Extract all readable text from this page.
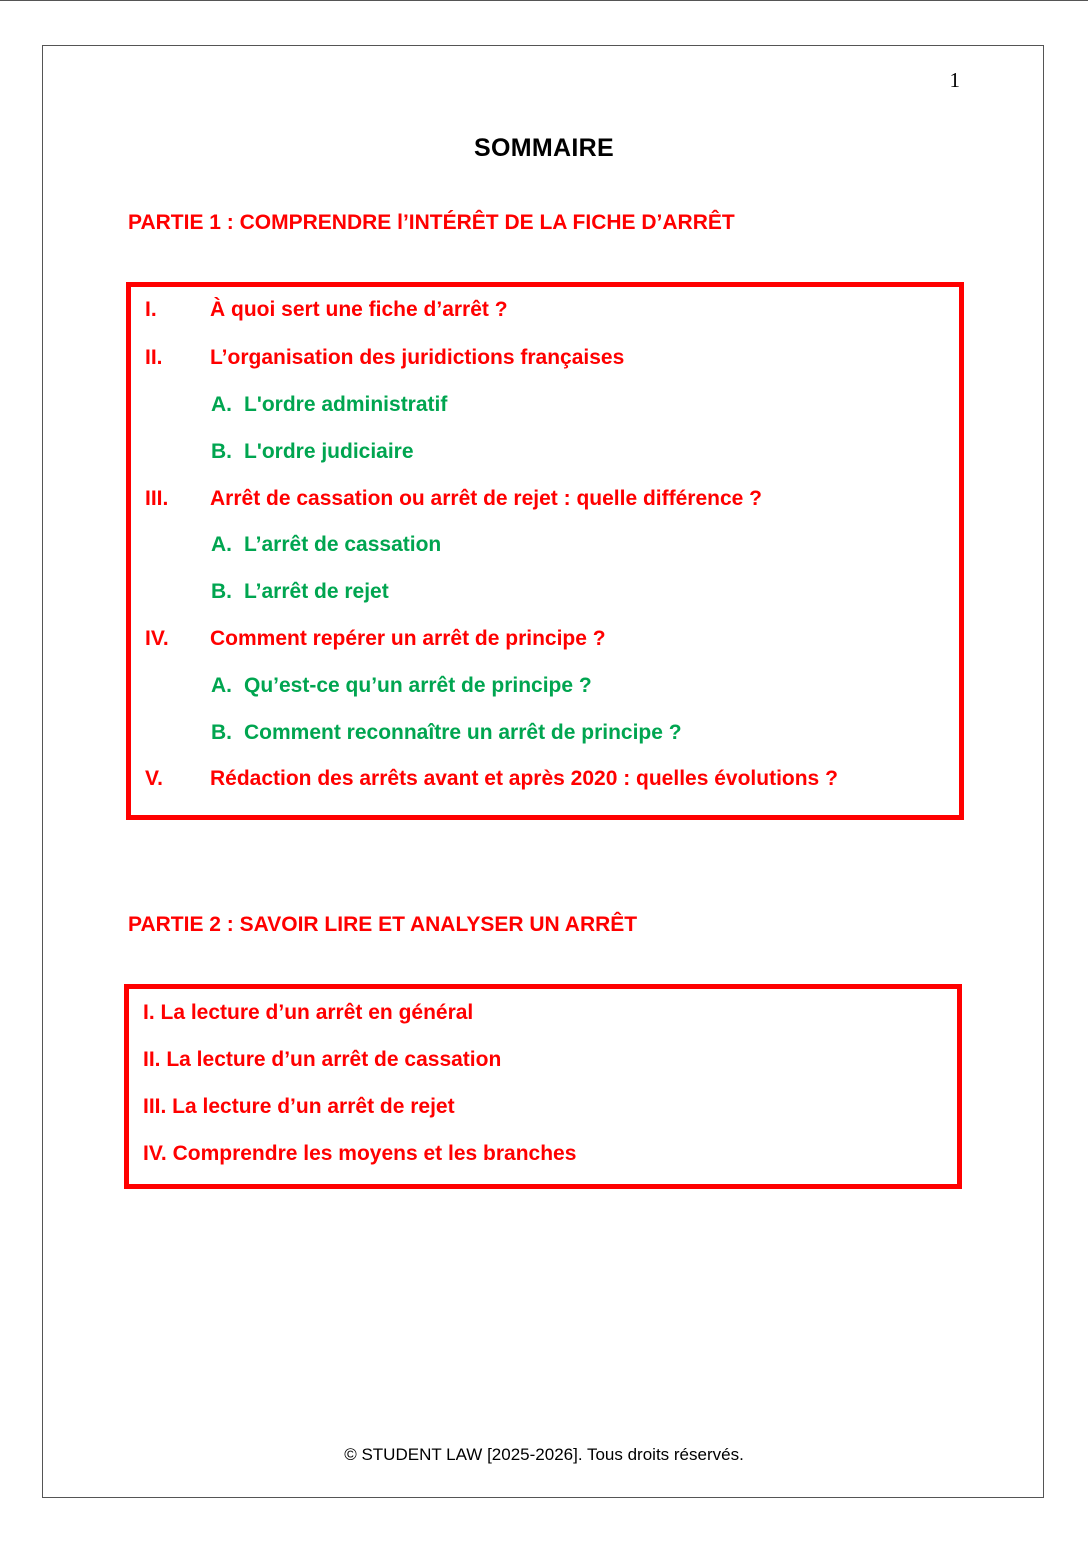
1
SOMMAIRE
PARTIE 1 : COMPRENDRE l’INTÉRÊT DE LA FICHE D’ARRÊT
I.	À quoi sert une fiche d’arrêt ?
II. L’organisation des juridictions françaises
A. L'ordre administratif
B. L'ordre judiciaire
III. Arrêt de cassation ou arrêt de rejet : quelle différence ?
A. L’arrêt de cassation
B. L’arrêt de rejet
IV. Comment repérer un arrêt de principe ?
A. Qu’est-ce qu’un arrêt de principe ?
B. Comment reconnaître un arrêt de principe ?
V. Rédaction des arrêts avant et après 2020 : quelles évolutions ?
PARTIE 2 : SAVOIR LIRE ET ANALYSER UN ARRÊT
I. La lecture d’un arrêt en général
II. La lecture d’un arrêt de cassation
III. La lecture d’un arrêt de rejet
IV. Comprendre les moyens et les branches
© STUDENT LAW [2025-2026]. Tous droits réservés.
